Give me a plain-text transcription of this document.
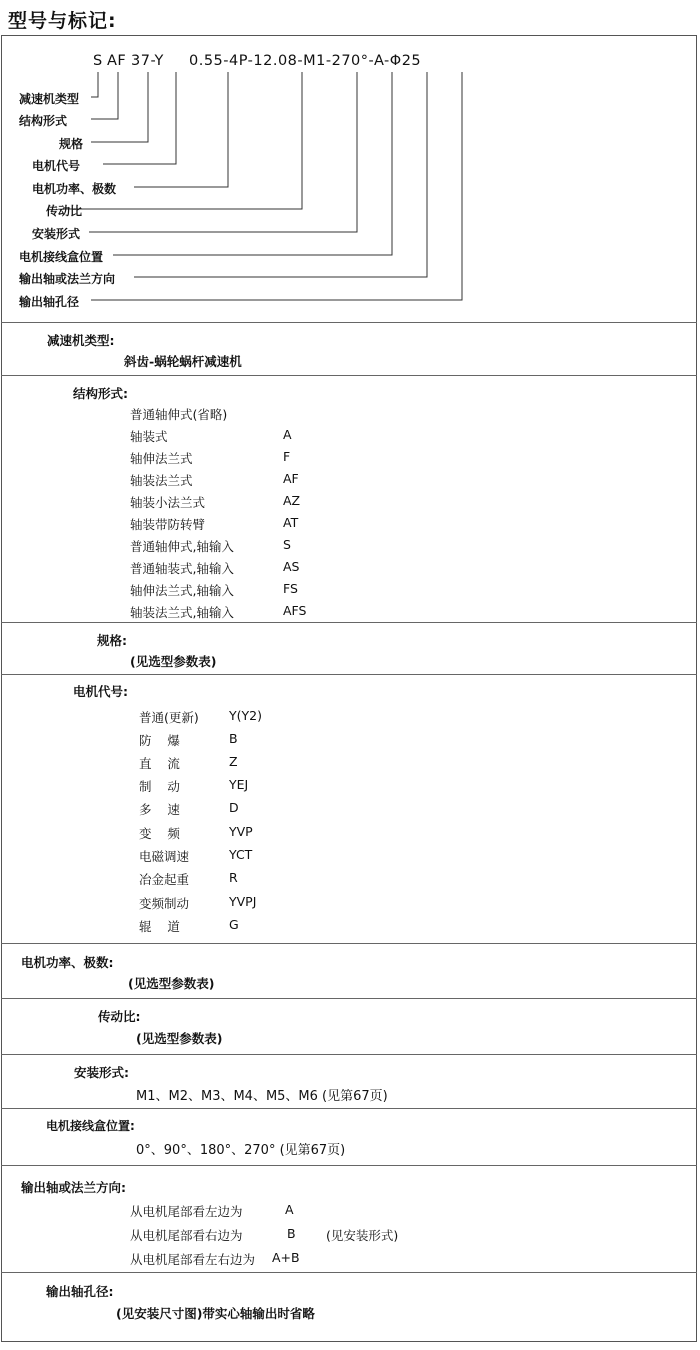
型号与标记:
S AF 37-Y 0.55-4P-12.08-M1-270°-A-Φ25
减速机类型
结构形式
规格
电机代号
电机功率、极数
传动比
安装形式
电机接线盒位置
输出轴或法兰方向
输出轴孔径
减速机类型:
斜齿-蜗轮蜗杆减速机
结构形式:
普通轴伸式(省略)
轴装式	A
轴伸法兰式	F
轴装法兰式	AF
轴装小法兰式	AZ
轴装带防转臂	AT
普通轴伸式,轴输入	S
普通轴装式,轴输入	AS
轴伸法兰式,轴输入	FS
轴装法兰式,轴输入	AFS
规格:
(见选型参数表)
电机代号:
普通(更新) Y(Y2)
防    爆	B
直    流	Z
制    动	YEJ
多    速	D
变    频	YVP
电磁调速	YCT
冶金起重	R
变频制动	YVPJ
辊    道	G
电机功率、极数:
(见选型参数表)
传动比:
(见选型参数表)
安装形式:
M1、M2、M3、M4、M5、M6 (见第67页)
电机接线盒位置:
0°、90°、180°、270° (见第67页)
输出轴或法兰方向:
从电机尾部看左边为	A
从电机尾部看右边为	B (见安装形式)
从电机尾部看左右边为 A+B
输出轴孔径:
(见安装尺寸图)带实心轴输出时省略
